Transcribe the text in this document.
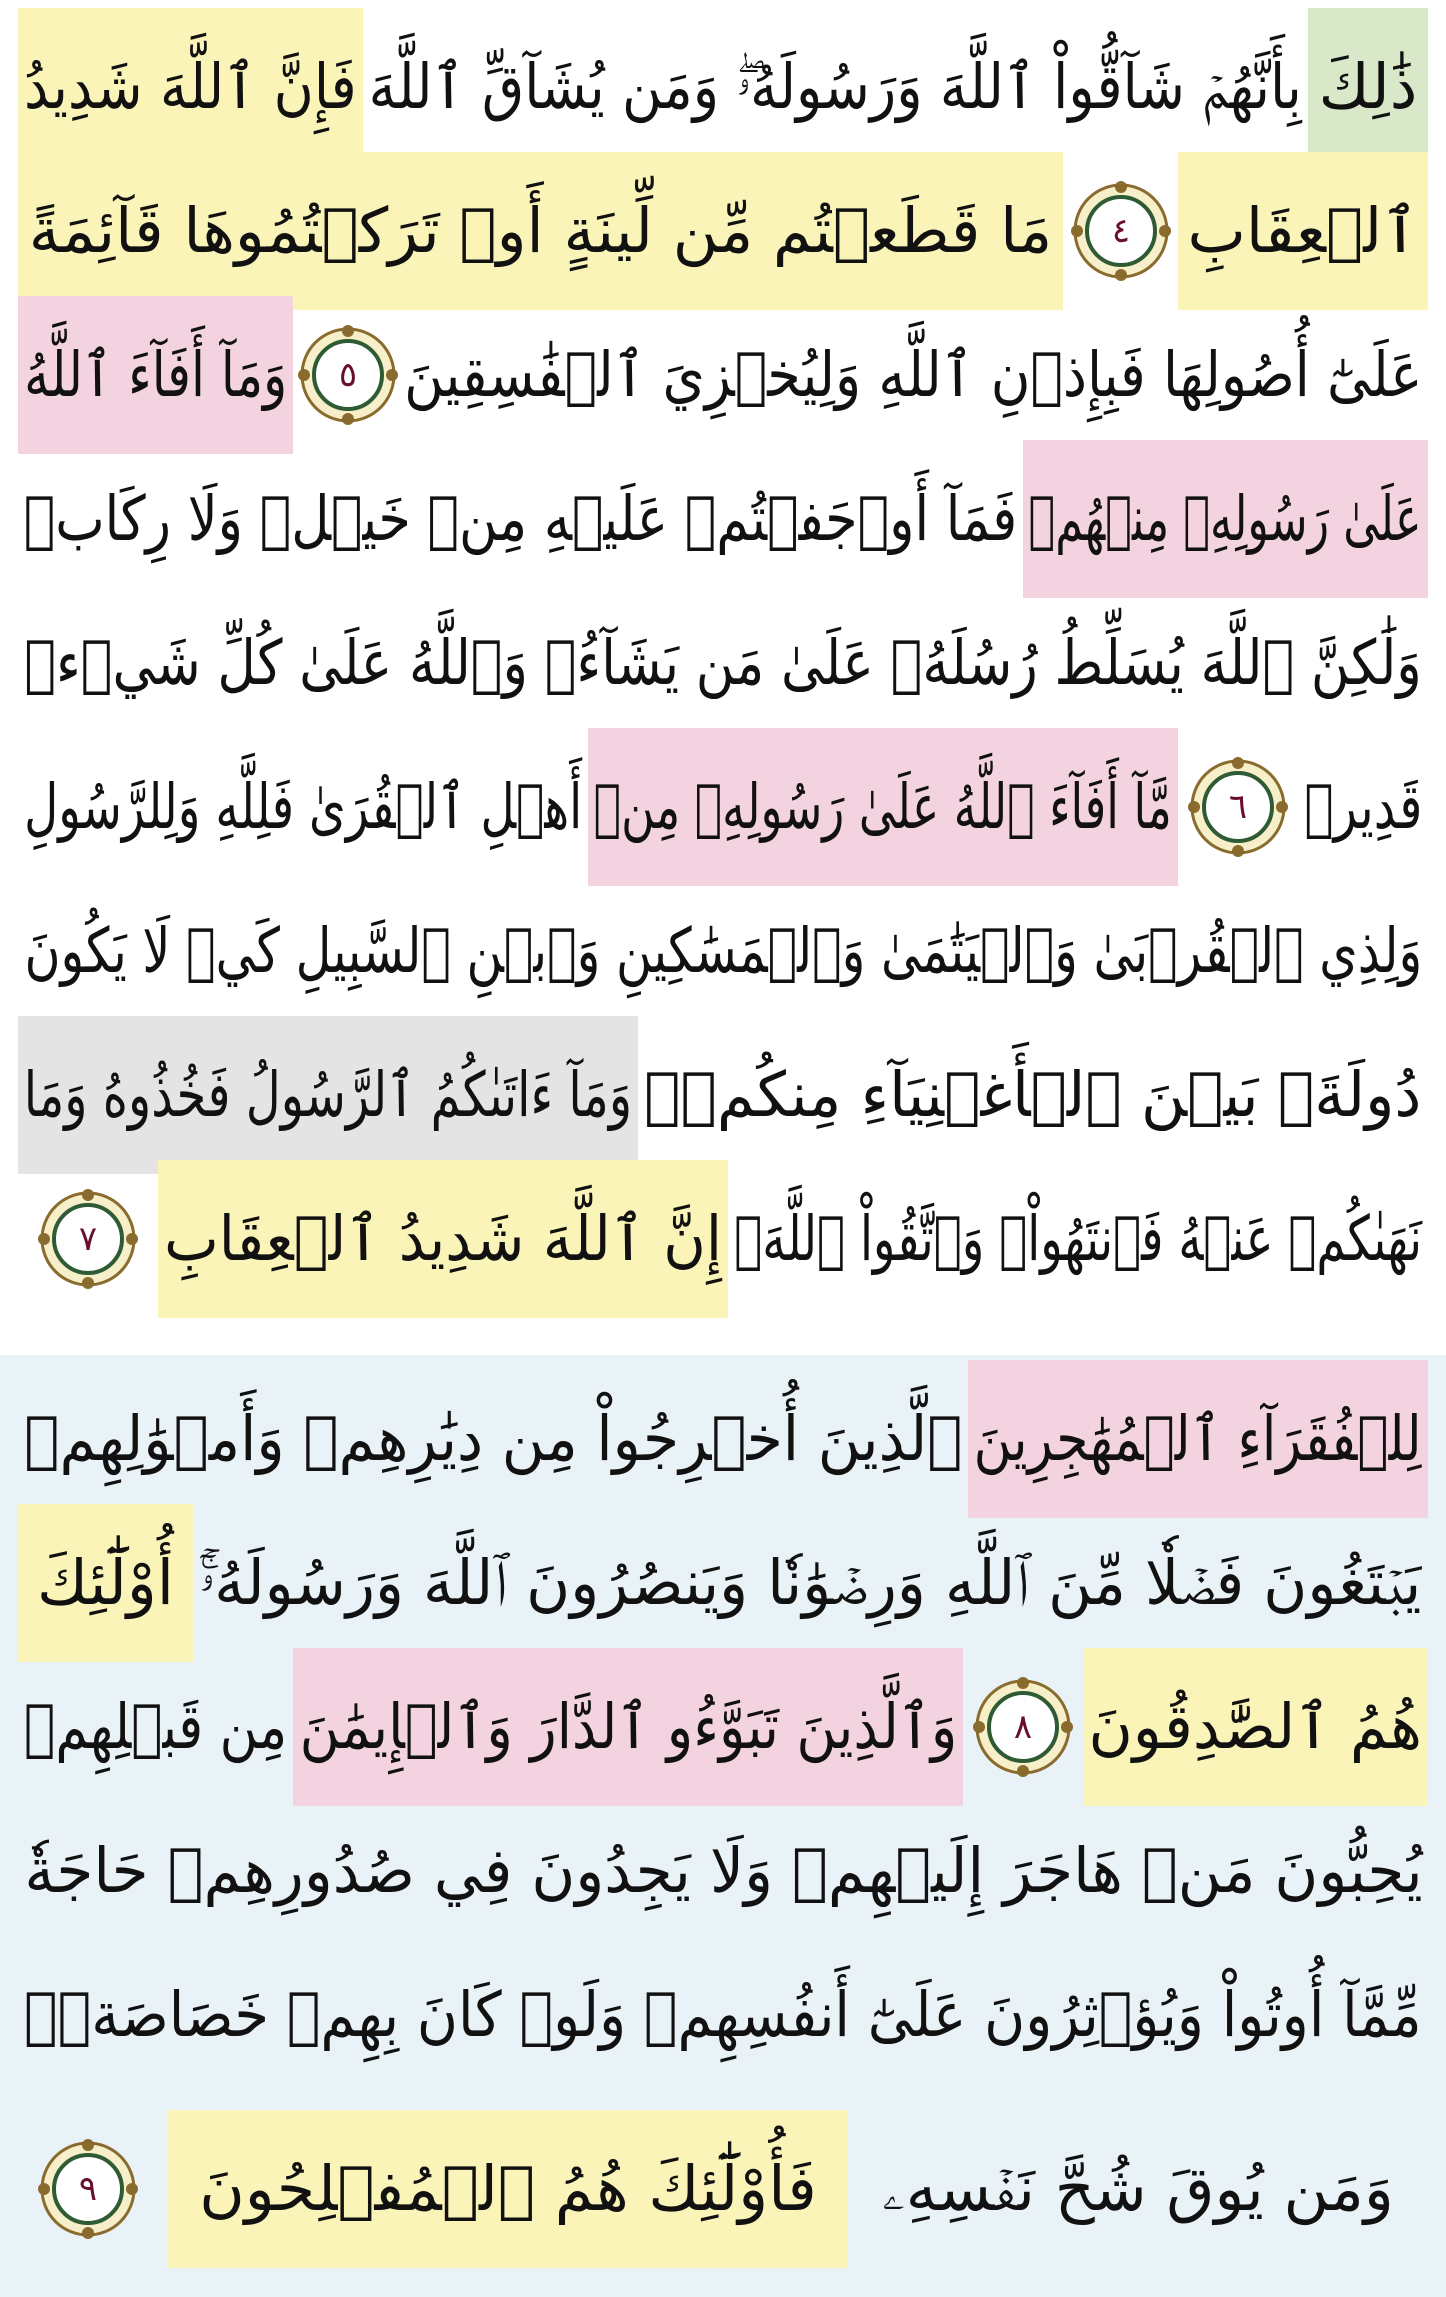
ذَٰلِكَ
بِأَنَّهُمۡ شَآقُّواْ ٱللَّهَ وَرَسُولَهُۥۖ وَمَن يُشَآقِّ ٱللَّهَ
فَإِنَّ ٱللَّهَ شَدِيدُ
ٱلۡعِقَابِ
٤
مَا قَطَعۡتُم مِّن لِّينَةٍ أَوۡ تَرَكۡتُمُوهَا قَآئِمَةً
عَلَىٰٓ أُصُولِهَا فَبِإِذۡنِ ٱللَّهِ وَلِيُخۡزِيَ ٱلۡفَٰسِقِينَ
٥
وَمَآ أَفَآءَ ٱللَّهُ
عَلَىٰ رَسُولِهِۦ مِنۡهُمۡ
فَمَآ أَوۡجَفۡتُمۡ عَلَيۡهِ مِنۡ خَيۡلٖ وَلَا رِكَابٖ
وَلَٰكِنَّ ٱللَّهَ يُسَلِّطُ رُسُلَهُۥ عَلَىٰ مَن يَشَآءُۚ وَٱللَّهُ عَلَىٰ كُلِّ شَيۡءٖ
قَدِيرٞ
٦
مَّآ أَفَآءَ ٱللَّهُ عَلَىٰ رَسُولِهِۦ مِنۡ
أَهۡلِ ٱلۡقُرَىٰ فَلِلَّهِ وَلِلرَّسُولِ
وَلِذِي ٱلۡقُرۡبَىٰ وَٱلۡيَتَٰمَىٰ وَٱلۡمَسَٰكِينِ وَٱبۡنِ ٱلسَّبِيلِ كَيۡ لَا يَكُونَ
دُولَةَۢ بَيۡنَ ٱلۡأَغۡنِيَآءِ مِنكُمۡۚ
وَمَآ ءَاتَىٰكُمُ ٱلرَّسُولُ فَخُذُوهُ وَمَا
نَهَىٰكُمۡ عَنۡهُ فَٱنتَهُواْۚ وَٱتَّقُواْ ٱللَّهَۖ
إِنَّ ٱللَّهَ شَدِيدُ ٱلۡعِقَابِ
٧
لِلۡفُقَرَآءِ ٱلۡمُهَٰجِرِينَ
ٱلَّذِينَ أُخۡرِجُواْ مِن دِيَٰرِهِمۡ وَأَمۡوَٰلِهِمۡ
يَبۡتَغُونَ فَضۡلٗا مِّنَ ٱللَّهِ وَرِضۡوَٰنٗا وَيَنصُرُونَ ٱللَّهَ وَرَسُولَهُۥٓۚ
أُوْلَٰٓئِكَ
هُمُ ٱلصَّٰدِقُونَ
٨
وَٱلَّذِينَ تَبَوَّءُو ٱلدَّارَ وَٱلۡإِيمَٰنَ
مِن قَبۡلِهِمۡ
يُحِبُّونَ مَنۡ هَاجَرَ إِلَيۡهِمۡ وَلَا يَجِدُونَ فِي صُدُورِهِمۡ حَاجَةٗ
مِّمَّآ أُوتُواْ وَيُؤۡثِرُونَ عَلَىٰٓ أَنفُسِهِمۡ وَلَوۡ كَانَ بِهِمۡ خَصَاصَةٞۚ
وَمَن يُوقَ شُحَّ نَفۡسِهِۦ
فَأُوْلَٰٓئِكَ هُمُ ٱلۡمُفۡلِحُونَ
٩
